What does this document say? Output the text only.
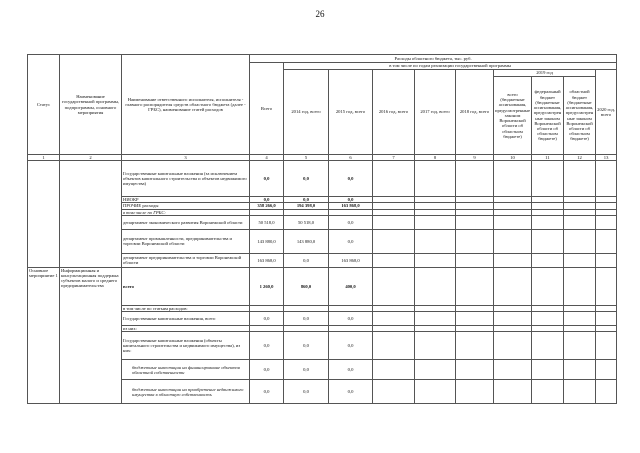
26
Статус	Наименование государственной программы, подпрограммы, основного мероприятия	Наименование ответственного исполнителя, исполнителя - главного распорядителя средств областного бюджета (далее - ГРБС), наименование статей расходов	Расходы областного бюджета, тыс. руб.									
			Всего	в том числе по годам реализации государственной программы								
				2014 год, всего	2015 год, всего	2016 год, всего	2017 год, всего	2018 год, всего	2019 год			2020 год, всего
									всего (бюджетные ассигнования, предусмотренные законом Воронежской области об областном бюджете)	федеральный бюджет (бюджетные ассигнования, предусмотренные законом Воронежской области об областном бюджете)	областной бюджет (бюджетные ассигнования, предусмотренные законом Воронежской области об областном бюджете)	
1	2	3	4	5	6	7	8	9	10	11	12	13
		Государственные капитальные вложения (за исключением объектов капитального строительства и объектов недвижимого имущества)	0,0	0,0	0,0							
		НИОКР	0,0	0,0	0,0							
		ПРОЧИЕ расходы	358 266,0	194 398,0	163 868,0							
		в том числе по ГРБС:										
		департамент экономического развития Воронежской области	50 518,0	50 518,0	0,0							
		департамент промышленности, предпринимательства и торговли Воронежской области	143 880,0	143 880,0	0,0							
		департамент предпринимательства и торговли Воронежской области	163 868,0	0,0	163 868,0							
Основное мероприятие 1	Информационная и консультационная поддержка субъектов малого и среднего предпринимательства	всего	1 260,0	860,0	400,0							
		в том числе по статьям расходов:										
		Государственные капитальные вложения, всего	0,0	0,0	0,0							
		из них:										
		Государственные капитальные вложения (объекты капитального строительства и недвижимого имущества), из них:	0,0	0,0	0,0							
		бюджетные инвестиции на финансирование объектов областной собственности	0,0	0,0	0,0							
		бюджетные инвестиции на приобретение недвижимого имущества в областную собственность	0,0	0,0	0,0							
